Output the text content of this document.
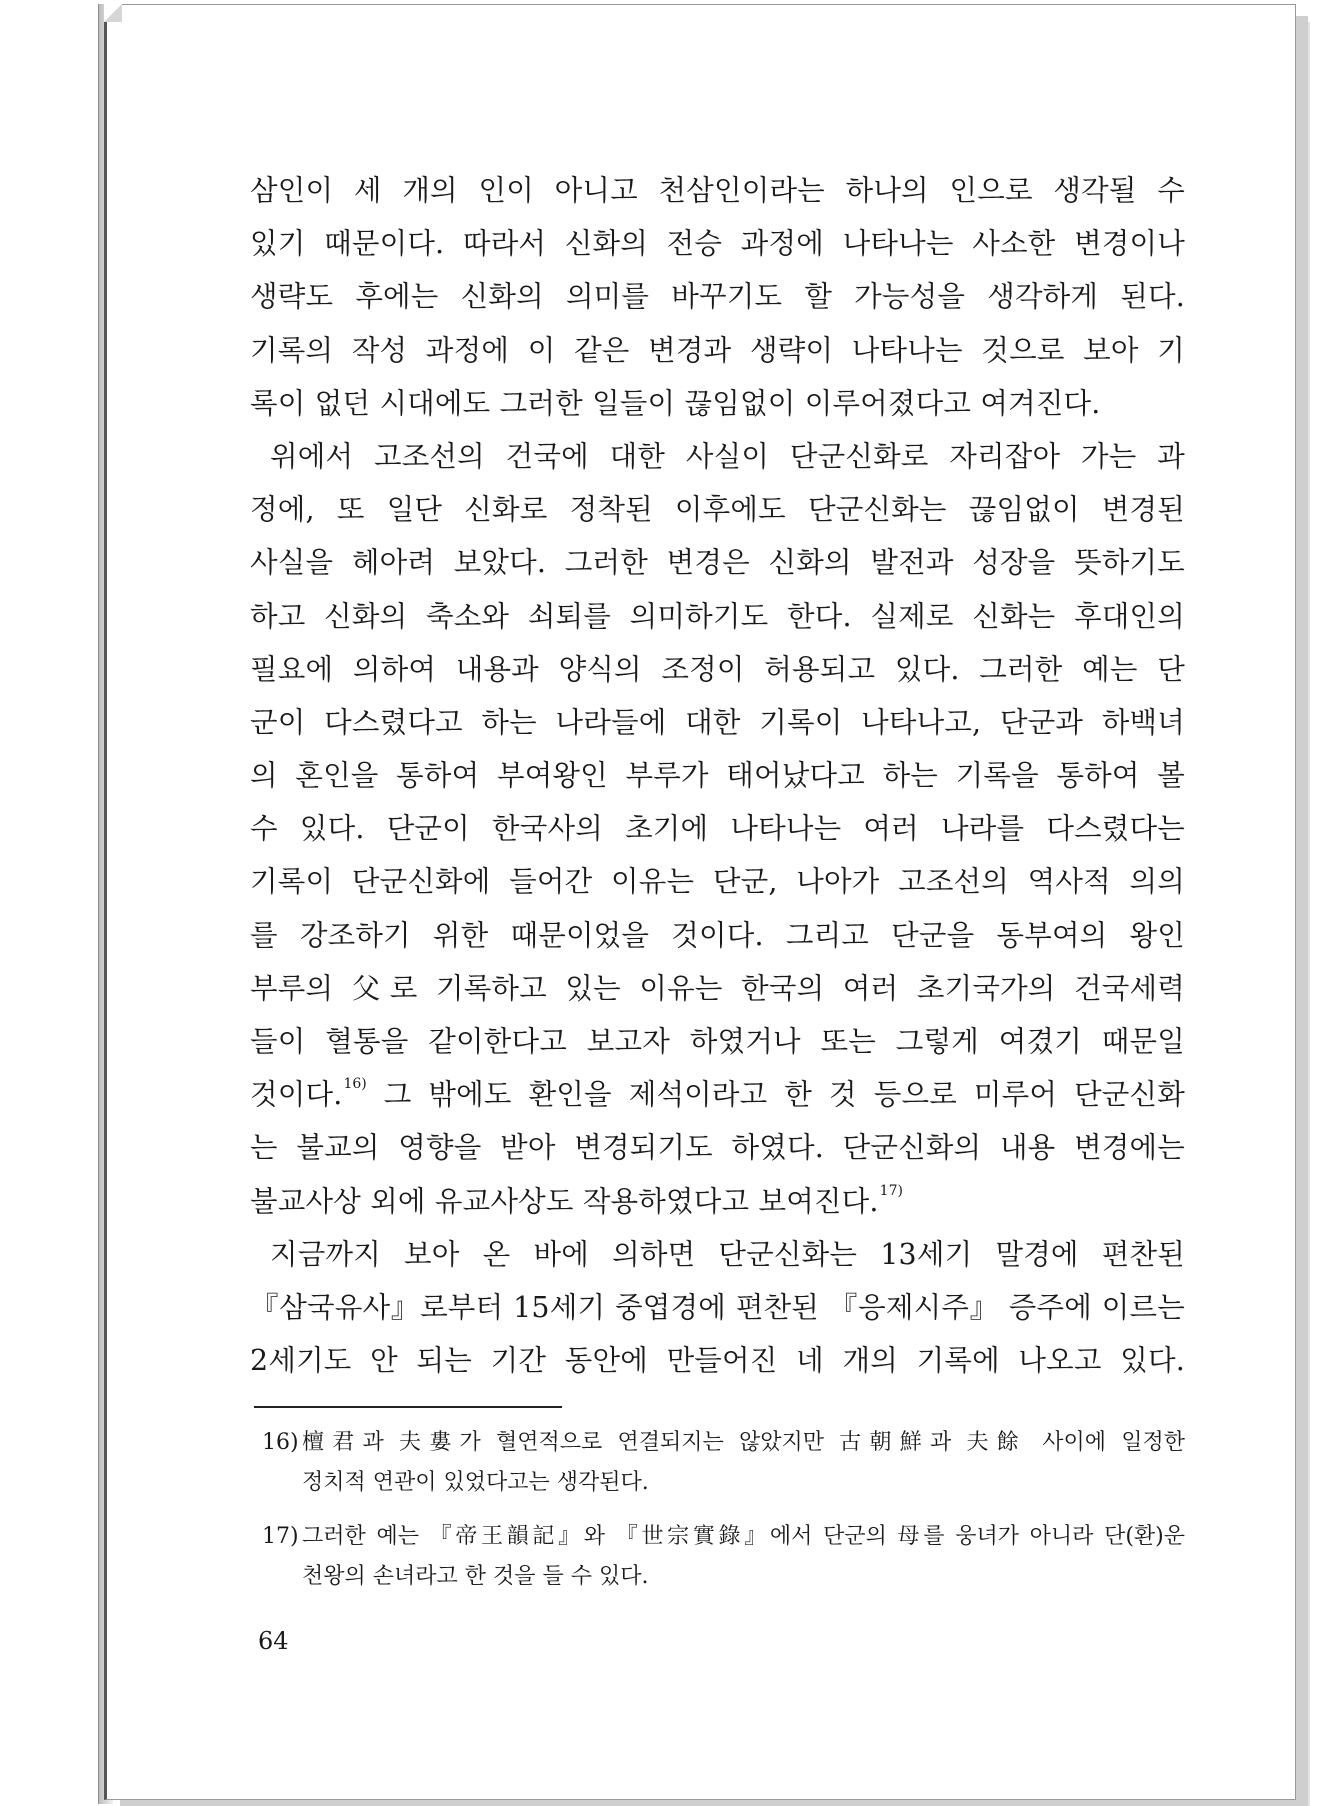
삼인이 세 개의 인이 아니고 천삼인이라는 하나의 인으로 생각될 수
있기 때문이다. 따라서 신화의 전승 과정에 나타나는 사소한 변경이나
생략도 후에는 신화의 의미를 바꾸기도 할 가능성을 생각하게 된다.
기록의 작성 과정에 이 같은 변경과 생략이 나타나는 것으로 보아 기
록이 없던 시대에도 그러한 일들이 끊임없이 이루어졌다고 여겨진다.
위에서 고조선의 건국에 대한 사실이 단군신화로 자리잡아 가는 과
정에, 또 일단 신화로 정착된 이후에도 단군신화는 끊임없이 변경된
사실을 헤아려 보았다. 그러한 변경은 신화의 발전과 성장을 뜻하기도
하고 신화의 축소와 쇠퇴를 의미하기도 한다. 실제로 신화는 후대인의
필요에 의하여 내용과 양식의 조정이 허용되고 있다. 그러한 예는 단
군이 다스렸다고 하는 나라들에 대한 기록이 나타나고, 단군과 하백녀
의 혼인을 통하여 부여왕인 부루가 태어났다고 하는 기록을 통하여 볼
수 있다. 단군이 한국사의 초기에 나타나는 여러 나라를 다스렸다는
기록이 단군신화에 들어간 이유는 단군, 나아가 고조선의 역사적 의의
를 강조하기 위한 때문이었을 것이다. 그리고 단군을 동부여의 왕인
부루의 父로 기록하고 있는 이유는 한국의 여러 초기국가의 건국세력
들이 혈통을 같이한다고 보고자 하였거나 또는 그렇게 여겼기 때문일
것이다.$^{16)}$ 그 밖에도 환인을 제석이라고 한 것 등으로 미루어 단군신화
는 불교의 영향을 받아 변경되기도 하였다. 단군신화의 내용 변경에는
불교사상 외에 유교사상도 작용하였다고 보여진다.$^{17)}$
지금까지 보아 온 바에 의하면 단군신화는 13세기 말경에 편찬된
『삼국유사』로부터 15세기 중엽경에 편찬된 『응제시주』 증주에 이르는
2세기도 안 되는 기간 동안에 만들어진 네 개의 기록에 나오고 있다.
16) 檀君과 夫婁가 혈연적으로 연결되지는 않았지만 古朝鮮과 夫餘 사이에 일정한
정치적 연관이 있었다고는 생각된다.
17) 그러한 예는 『帝王韻記』와 『世宗實錄』에서 단군의 母를 웅녀가 아니라 단(환)운
천왕의 손녀라고 한 것을 들 수 있다.
64
